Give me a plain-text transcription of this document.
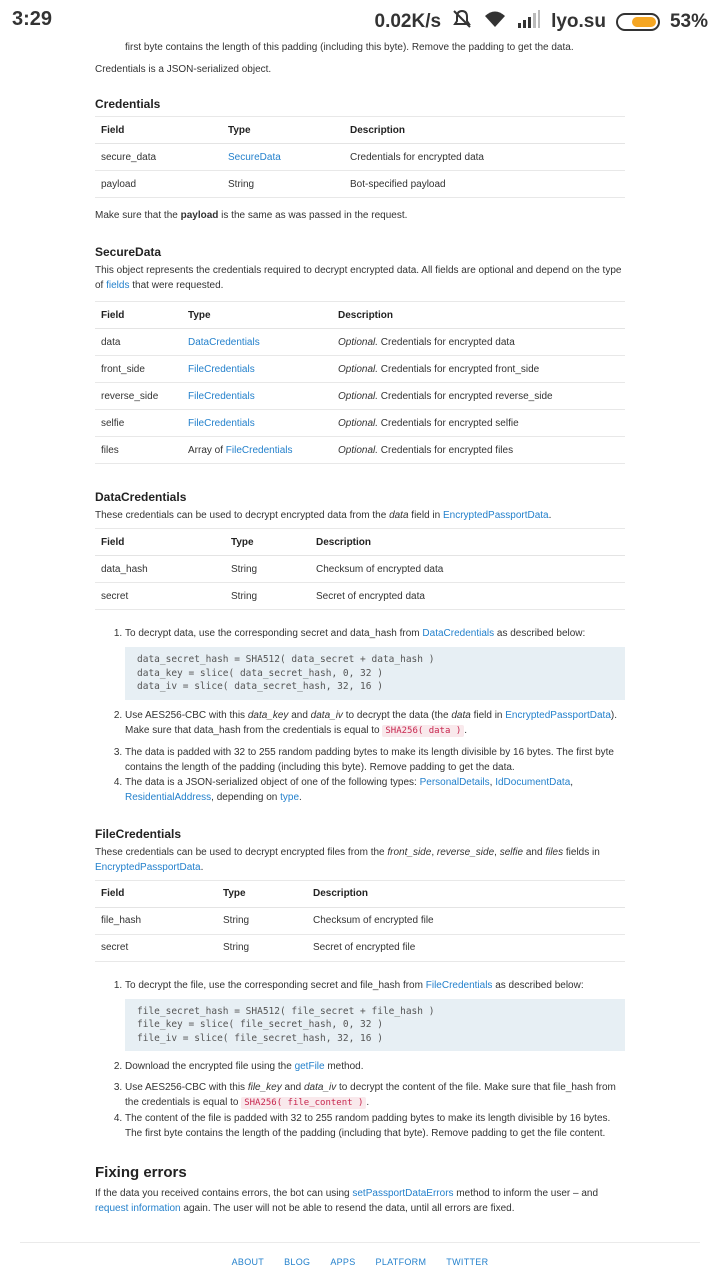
3:29	0.02K/s	lyo.su	53%

first byte contains the length of this padding (including this byte). Remove the padding to get the data.

Credentials is a JSON-serialized object.

Credentials

Field	Type	Description
secure_data	SecureData	Credentials for encrypted data
payload	String	Bot-specified payload

Make sure that the payload is the same as was passed in the request.

SecureData

This object represents the credentials required to decrypt encrypted data. All fields are optional and depend on the type of fields that were requested.

Field	Type	Description
data	DataCredentials	Optional. Credentials for encrypted data
front_side	FileCredentials	Optional. Credentials for encrypted front_side
reverse_side	FileCredentials	Optional. Credentials for encrypted reverse_side
selfie	FileCredentials	Optional. Credentials for encrypted selfie
files	Array of FileCredentials	Optional. Credentials for encrypted files

DataCredentials

These credentials can be used to decrypt encrypted data from the data field in EncryptedPassportData.

Field	Type	Description
data_hash	String	Checksum of encrypted data
secret	String	Secret of encrypted data
1. To decrypt data, use the corresponding secret and data_hash from DataCredentials as described below:
data_secret_hash = SHA512( data_secret + data_hash )
data_key = slice( data_secret_hash, 0, 32 )
data_iv = slice( data_secret_hash, 32, 16 )
2. Use AES256-CBC with this data_key and data_iv to decrypt the data (the data field in EncryptedPassportData). Make sure that data_hash from the credentials is equal to SHA256( data ) .
3. The data is padded with 32 to 255 random padding bytes to make its length divisible by 16 bytes. The first byte contains the length of the padding (including this byte). Remove padding to get the data.
4. The data is a JSON-serialized object of one of the following types: PersonalDetails, IdDocumentData, ResidentialAddress, depending on type.

FileCredentials

These credentials can be used to decrypt encrypted files from the front_side, reverse_side, selfie and files fields in EncryptedPassportData.

Field	Type	Description
file_hash	String	Checksum of encrypted file
secret	String	Secret of encrypted file
1. To decrypt the file, use the corresponding secret and file_hash from FileCredentials as described below:
file_secret_hash = SHA512( file_secret + file_hash )
file_key = slice( file_secret_hash, 0, 32 )
file_iv = slice( file_secret_hash, 32, 16 )
2. Download the encrypted file using the getFile method.
3. Use AES256-CBC with this file_key and data_iv to decrypt the content of the file. Make sure that file_hash from the credentials is equal to SHA256( file_content ) .
4. The content of the file is padded with 32 to 255 random padding bytes to make its length divisible by 16 bytes. The first byte contains the length of the padding (including that byte). Remove padding to get the file content.

Fixing errors

If the data you received contains errors, the bot can using setPassportDataErrors method to inform the user – and request information again. The user will not be able to resend the data, until all errors are fixed.

ABOUT BLOG APPS PLATFORM TWITTER
